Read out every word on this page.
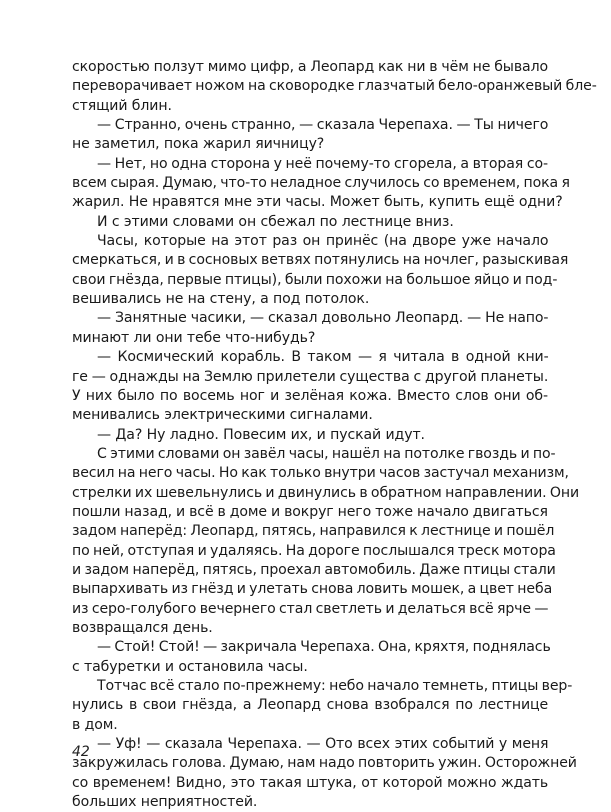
скоростью ползут мимо цифр, а Леопард как ни в чём не бывало
переворачивает ножом на сковородке глазчатый бело-оранжевый бле-
стящий блин.
— Странно, очень странно, — сказала Черепаха. — Ты ничего
не заметил, пока жарил яичницу?
— Нет, но одна сторона у неё почему-то сгорела, а вторая со-
всем сырая. Думаю, что-то неладное случилось со временем, пока я
жарил. Не нравятся мне эти часы. Может быть, купить ещё одни?
И с этими словами он сбежал по лестнице вниз.
Часы, которые на этот раз он принёс (на дворе уже начало
смеркаться, и в сосновых ветвях потянулись на ночлег, разыскивая
свои гнёзда, первые птицы), были похожи на большое яйцо и под-
вешивались не на стену, а под потолок.
— Занятные часики, — сказал довольно Леопард. — Не напо-
минают ли они тебе что-нибудь?
— Космический корабль. В таком — я читала в одной кни-
ге — однажды на Землю прилетели существа с другой планеты.
У них было по восемь ног и зелёная кожа. Вместо слов они об-
менивались электрическими сигналами.
— Да? Ну ладно. Повесим их, и пускай идут.
С этими словами он завёл часы, нашёл на потолке гвоздь и по-
весил на него часы. Но как только внутри часов застучал механизм,
стрелки их шевельнулись и двинулись в обратном направлении. Они
пошли назад, и всё в доме и вокруг него тоже начало двигаться
задом наперёд: Леопард, пятясь, направился к лестнице и пошёл
по ней, отступая и удаляясь. На дороге послышался треск мотора
и задом наперёд, пятясь, проехал автомобиль. Даже птицы стали
выпархивать из гнёзд и улетать снова ловить мошек, а цвет неба
из серо-голубого вечернего стал светлеть и делаться всё ярче —
возвращался день.
— Стой! Стой! — закричала Черепаха. Она, кряхтя, поднялась
с табуретки и остановила часы.
Тотчас всё стало по-прежнему: небо начало темнеть, птицы вер-
нулись в свои гнёзда, а Леопард снова взобрался по лестнице
в дом.
— Уф! — сказала Черепаха. — Ото всех этих событий у меня
закружилась голова. Думаю, нам надо повторить ужин. Осторожней
со временем! Видно, это такая штука, от которой можно ждать
больших неприятностей.
42
